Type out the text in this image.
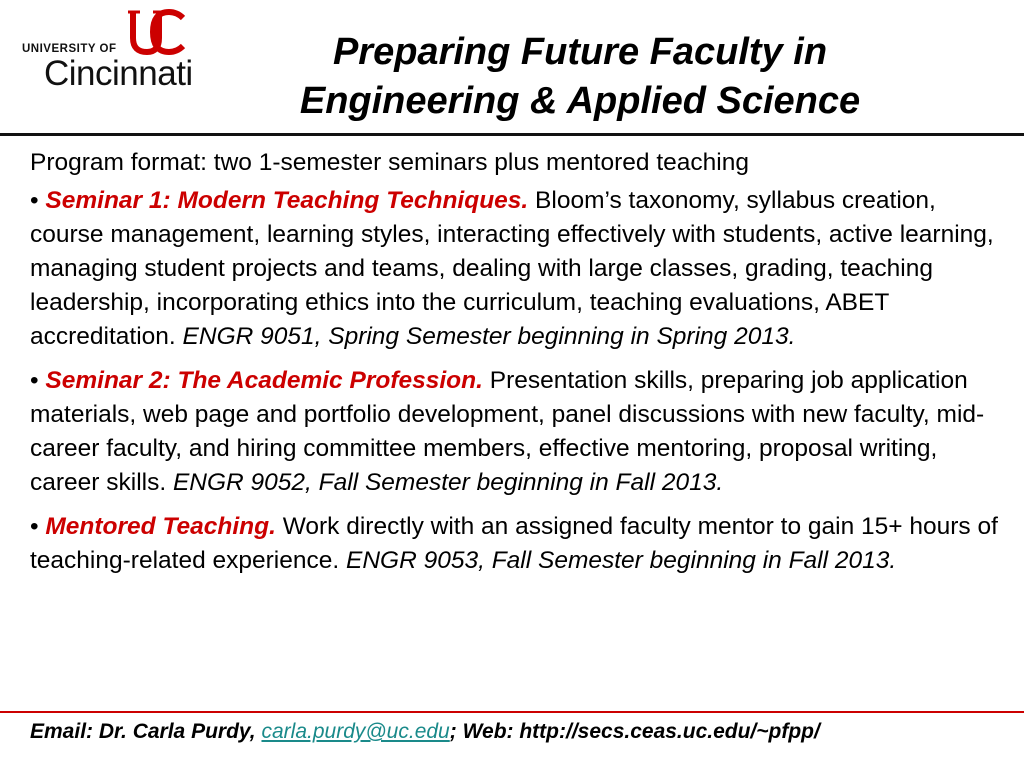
UNIVERSITY OF
Cincinnati
Preparing Future Faculty in
Engineering & Applied Science
Program format: two 1-semester seminars plus mentored teaching
• Seminar 1: Modern Teaching Techniques. Bloom’s taxonomy, syllabus creation, course management, learning styles, interacting effectively with students, active learning, managing student projects and teams, dealing with large classes, grading, teaching leadership, incorporating ethics into the curriculum, teaching evaluations, ABET accreditation. ENGR 9051, Spring Semester beginning in Spring 2013.
• Seminar 2: The Academic Profession. Presentation skills, preparing job application materials, web page and portfolio development, panel discussions with new faculty, mid-career faculty, and hiring committee members, effective mentoring, proposal writing, career skills. ENGR 9052, Fall Semester beginning in Fall 2013.
• Mentored Teaching. Work directly with an assigned faculty mentor to gain 15+ hours of teaching-related experience. ENGR 9053, Fall Semester beginning in Fall 2013.
Email: Dr. Carla Purdy, carla.purdy@uc.edu; Web: http://secs.ceas.uc.edu/~pfpp/
